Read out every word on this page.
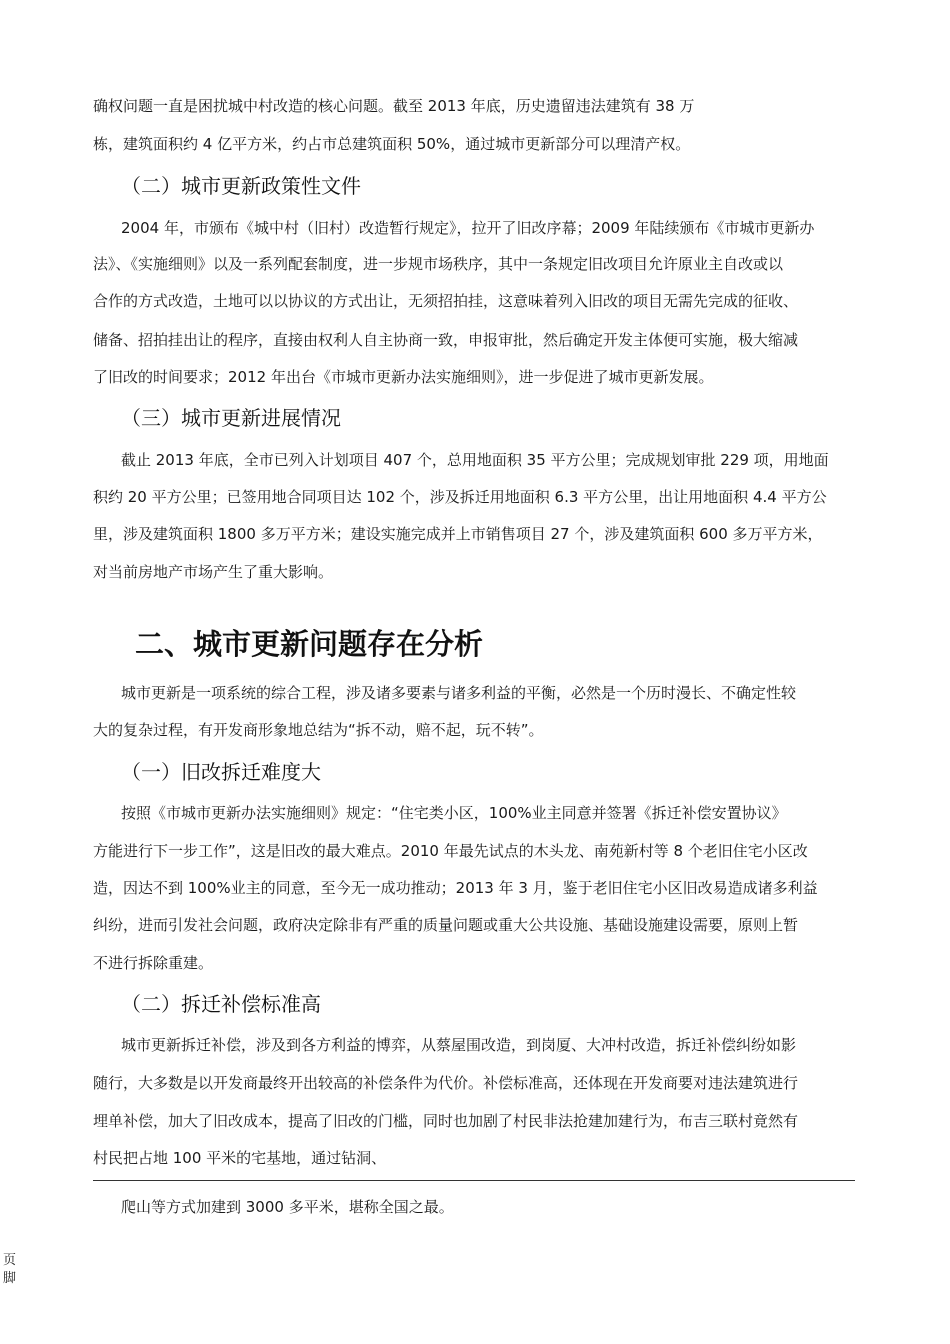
确权问题一直是困扰城中村改造的核心问题。截至 2013 年底，历史遗留违法建筑有 38 万
栋，建筑面积约 4 亿平方米，约占市总建筑面积 50%，通过城市更新部分可以理清产权。
（二）城市更新政策性文件
2004 年，市颁布《城中村（旧村）改造暂行规定》，拉开了旧改序幕；2009 年陆续颁布《市城市更新办
法》、《实施细则》以及一系列配套制度，进一步规市场秩序，其中一条规定旧改项目允许原业主自改或以
合作的方式改造，土地可以以协议的方式出让，无须招拍挂，这意味着列入旧改的项目无需先完成的征收、
储备、招拍挂出让的程序，直接由权利人自主协商一致，申报审批，然后确定开发主体便可实施，极大缩减
了旧改的时间要求；2012 年出台《市城市更新办法实施细则》，进一步促进了城市更新发展。
（三）城市更新进展情况
截止 2013 年底，全市已列入计划项目 407 个，总用地面积 35 平方公里；完成规划审批 229 项，用地面
积约 20 平方公里；已签用地合同项目达 102 个，涉及拆迁用地面积 6.3 平方公里，出让用地面积 4.4 平方公
里，涉及建筑面积 1800 多万平方米；建设实施完成并上市销售项目 27 个，涉及建筑面积 600 多万平方米，
对当前房地产市场产生了重大影响。
二、城市更新问题存在分析
城市更新是一项系统的综合工程，涉及诸多要素与诸多利益的平衡，必然是一个历时漫长、不确定性较
大的复杂过程，有开发商形象地总结为“拆不动，赔不起，玩不转”。
（一）旧改拆迁难度大
按照《市城市更新办法实施细则》规定：“住宅类小区，100%业主同意并签署《拆迁补偿安置协议》
方能进行下一步工作”，这是旧改的最大难点。2010 年最先试点的木头龙、南苑新村等 8 个老旧住宅小区改
造，因达不到 100%业主的同意，至今无一成功推动；2013 年 3 月，鉴于老旧住宅小区旧改易造成诸多利益
纠纷，进而引发社会问题，政府决定除非有严重的质量问题或重大公共设施、基础设施建设需要，原则上暂
不进行拆除重建。
（二）拆迁补偿标准高
城市更新拆迁补偿，涉及到各方利益的博弈，从蔡屋围改造，到岗厦、大冲村改造，拆迁补偿纠纷如影
随行，大多数是以开发商最终开出较高的补偿条件为代价。补偿标准高，还体现在开发商要对违法建筑进行
埋单补偿，加大了旧改成本，提高了旧改的门槛，同时也加剧了村民非法抢建加建行为，布吉三联村竟然有
村民把占地 100 平米的宅基地，通过钻洞、
爬山等方式加建到 3000 多平米，堪称全国之最。
页脚
